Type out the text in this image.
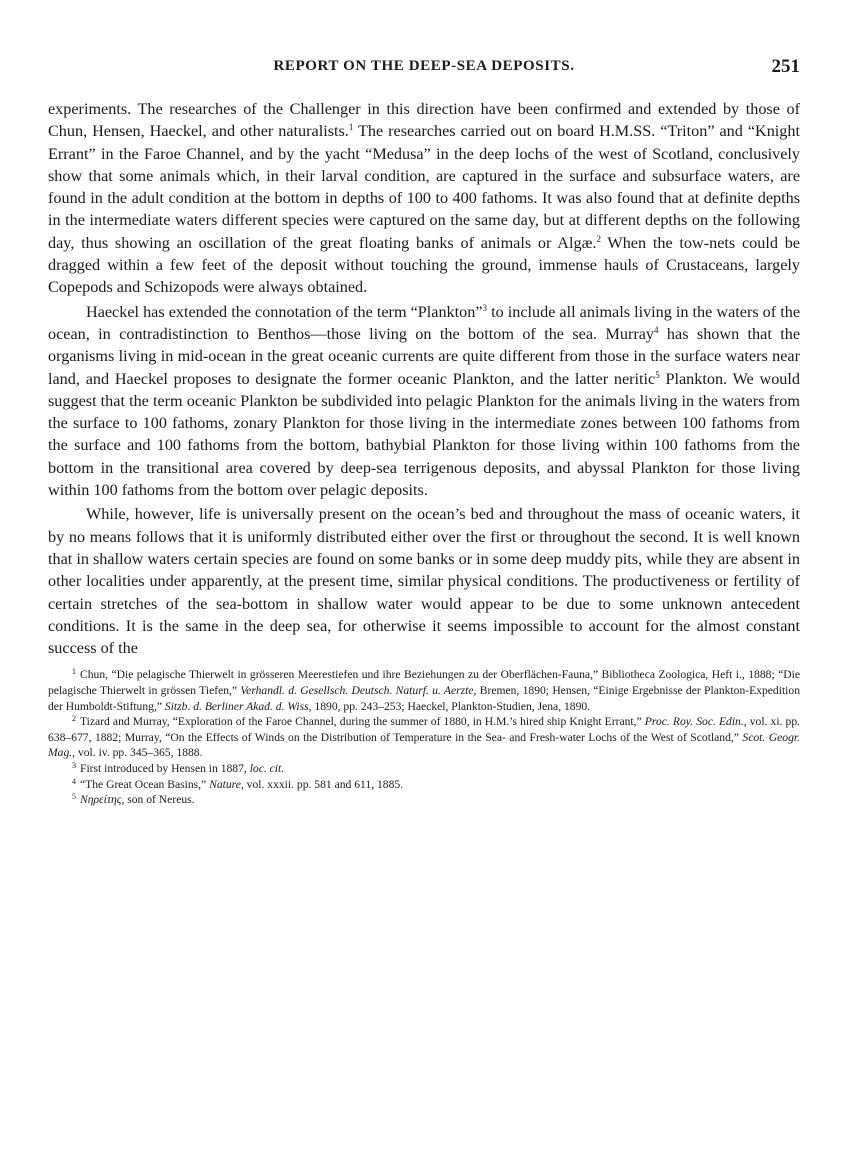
REPORT ON THE DEEP-SEA DEPOSITS.	251

experiments. The researches of the Challenger in this direction have been confirmed and extended by those of Chun, Hensen, Haeckel, and other naturalists.$^1$ The researches carried out on board H.M.SS. “Triton” and “Knight Errant” in the Faroe Channel, and by the yacht “Medusa” in the deep lochs of the west of Scotland, conclusively show that some animals which, in their larval condition, are captured in the surface and subsurface waters, are found in the adult condition at the bottom in depths of 100 to 400 fathoms. It was also found that at definite depths in the intermediate waters different species were captured on the same day, but at different depths on the following day, thus showing an oscillation of the great floating banks of animals or Algæ.$^2$ When the tow-nets could be dragged within a few feet of the deposit without touching the ground, immense hauls of Crustaceans, largely Copepods and Schizopods were always obtained.

Haeckel has extended the connotation of the term “Plankton”$^3$ to include all animals living in the waters of the ocean, in contradistinction to Benthos—those living on the bottom of the sea. Murray$^4$ has shown that the organisms living in mid-ocean in the great oceanic currents are quite different from those in the surface waters near land, and Haeckel proposes to designate the former oceanic Plankton, and the latter neritic$^5$ Plankton. We would suggest that the term oceanic Plankton be subdivided into pelagic Plankton for the animals living in the waters from the surface to 100 fathoms, zonary Plankton for those living in the intermediate zones between 100 fathoms from the surface and 100 fathoms from the bottom, bathybial Plankton for those living within 100 fathoms from the bottom in the transitional area covered by deep-sea terrigenous deposits, and abyssal Plankton for those living within 100 fathoms from the bottom over pelagic deposits.

While, however, life is universally present on the ocean’s bed and throughout the mass of oceanic waters, it by no means follows that it is uniformly distributed either over the first or throughout the second. It is well known that in shallow waters certain species are found on some banks or in some deep muddy pits, while they are absent in other localities under apparently, at the present time, similar physical conditions. The productiveness or fertility of certain stretches of the sea-bottom in shallow water would appear to be due to some unknown antecedent conditions. It is the same in the deep sea, for otherwise it seems impossible to account for the almost constant success of the

$^1$ Chun, “Die pelagische Thierwelt in grösseren Meerestiefen und ihre Beziehungen zu der Oberflächen-Fauna,” Bibliotheca Zoologica, Heft i., 1888; “Die pelagische Thierwelt in grössen Tiefen,” Verhandl. d. Gesellsch. Deutsch. Naturf. u. Aerzte, Bremen, 1890; Hensen, “Einige Ergebnisse der Plankton-Expedition der Humboldt-Stiftung,” Sitzb. d. Berliner Akad. d. Wiss, 1890, pp. 243–253; Haeckel, Plankton-Studien, Jena, 1890.

$^2$ Tizard and Murray, “Exploration of the Faroe Channel, during the summer of 1880, in H.M.’s hired ship Knight Errant,” Proc. Roy. Soc. Edin., vol. xi. pp. 638–677, 1882; Murray, “On the Effects of Winds on the Distribution of Temperature in the Sea- and Fresh-water Lochs of the West of Scotland,” Scot. Geogr. Mag., vol. iv. pp. 345–365, 1888.

$^3$ First introduced by Hensen in 1887, loc. cit.

$^4$ “The Great Ocean Basins,” Nature, vol. xxxii. pp. 581 and 611, 1885.

$^5$ Νηρείτης, son of Nereus.
